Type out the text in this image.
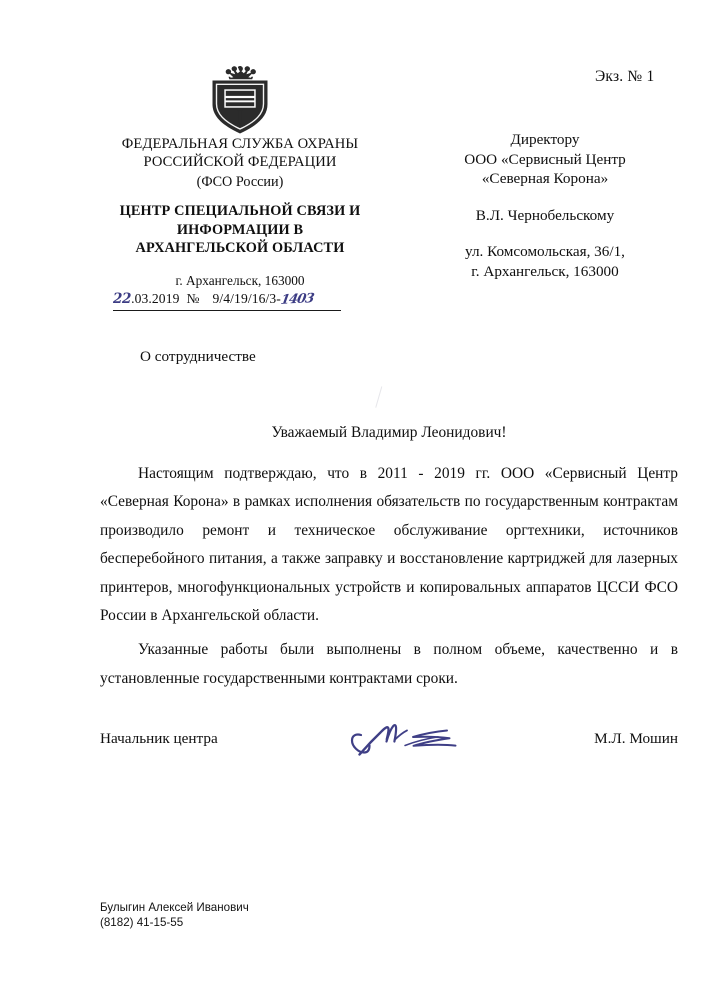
Экз. № 1
ФЕДЕРАЛЬНАЯ СЛУЖБА ОХРАНЫ
РОССИЙСКОЙ ФЕДЕРАЦИИ
(ФСО России)
ЦЕНТР СПЕЦИАЛЬНОЙ СВЯЗИ И
ИНФОРМАЦИИ В
АРХАНГЕЛЬСКОЙ ОБЛАСТИ
г. Архангельск, 163000
22.03.2019 № 9/4/19/16/3-1403
Директору
ООО «Сервисный Центр
«Северная Корона»
В.Л. Чернобельскому
ул. Комсомольская, 36/1,
г. Архангельск, 163000
О сотрудничестве
Уважаемый Владимир Леонидович!

Настоящим подтверждаю, что в 2011 - 2019 гг. ООО «Сервисный Центр «Северная Корона» в рамках исполнения обязательств по государственным контрактам производило ремонт и техническое обслуживание оргтехники, источников бесперебойного питания, а также заправку и восстановление картриджей для лазерных принтеров, многофункциональных устройств и копировальных аппаратов ЦССИ ФСО России в Архангельской области.

Указанные работы были выполнены в полном объеме, качественно и в установленные государственными контрактами сроки.

Начальник центра	М.Л. Мошин
Булыгин Алексей Иванович
(8182) 41-15-55
